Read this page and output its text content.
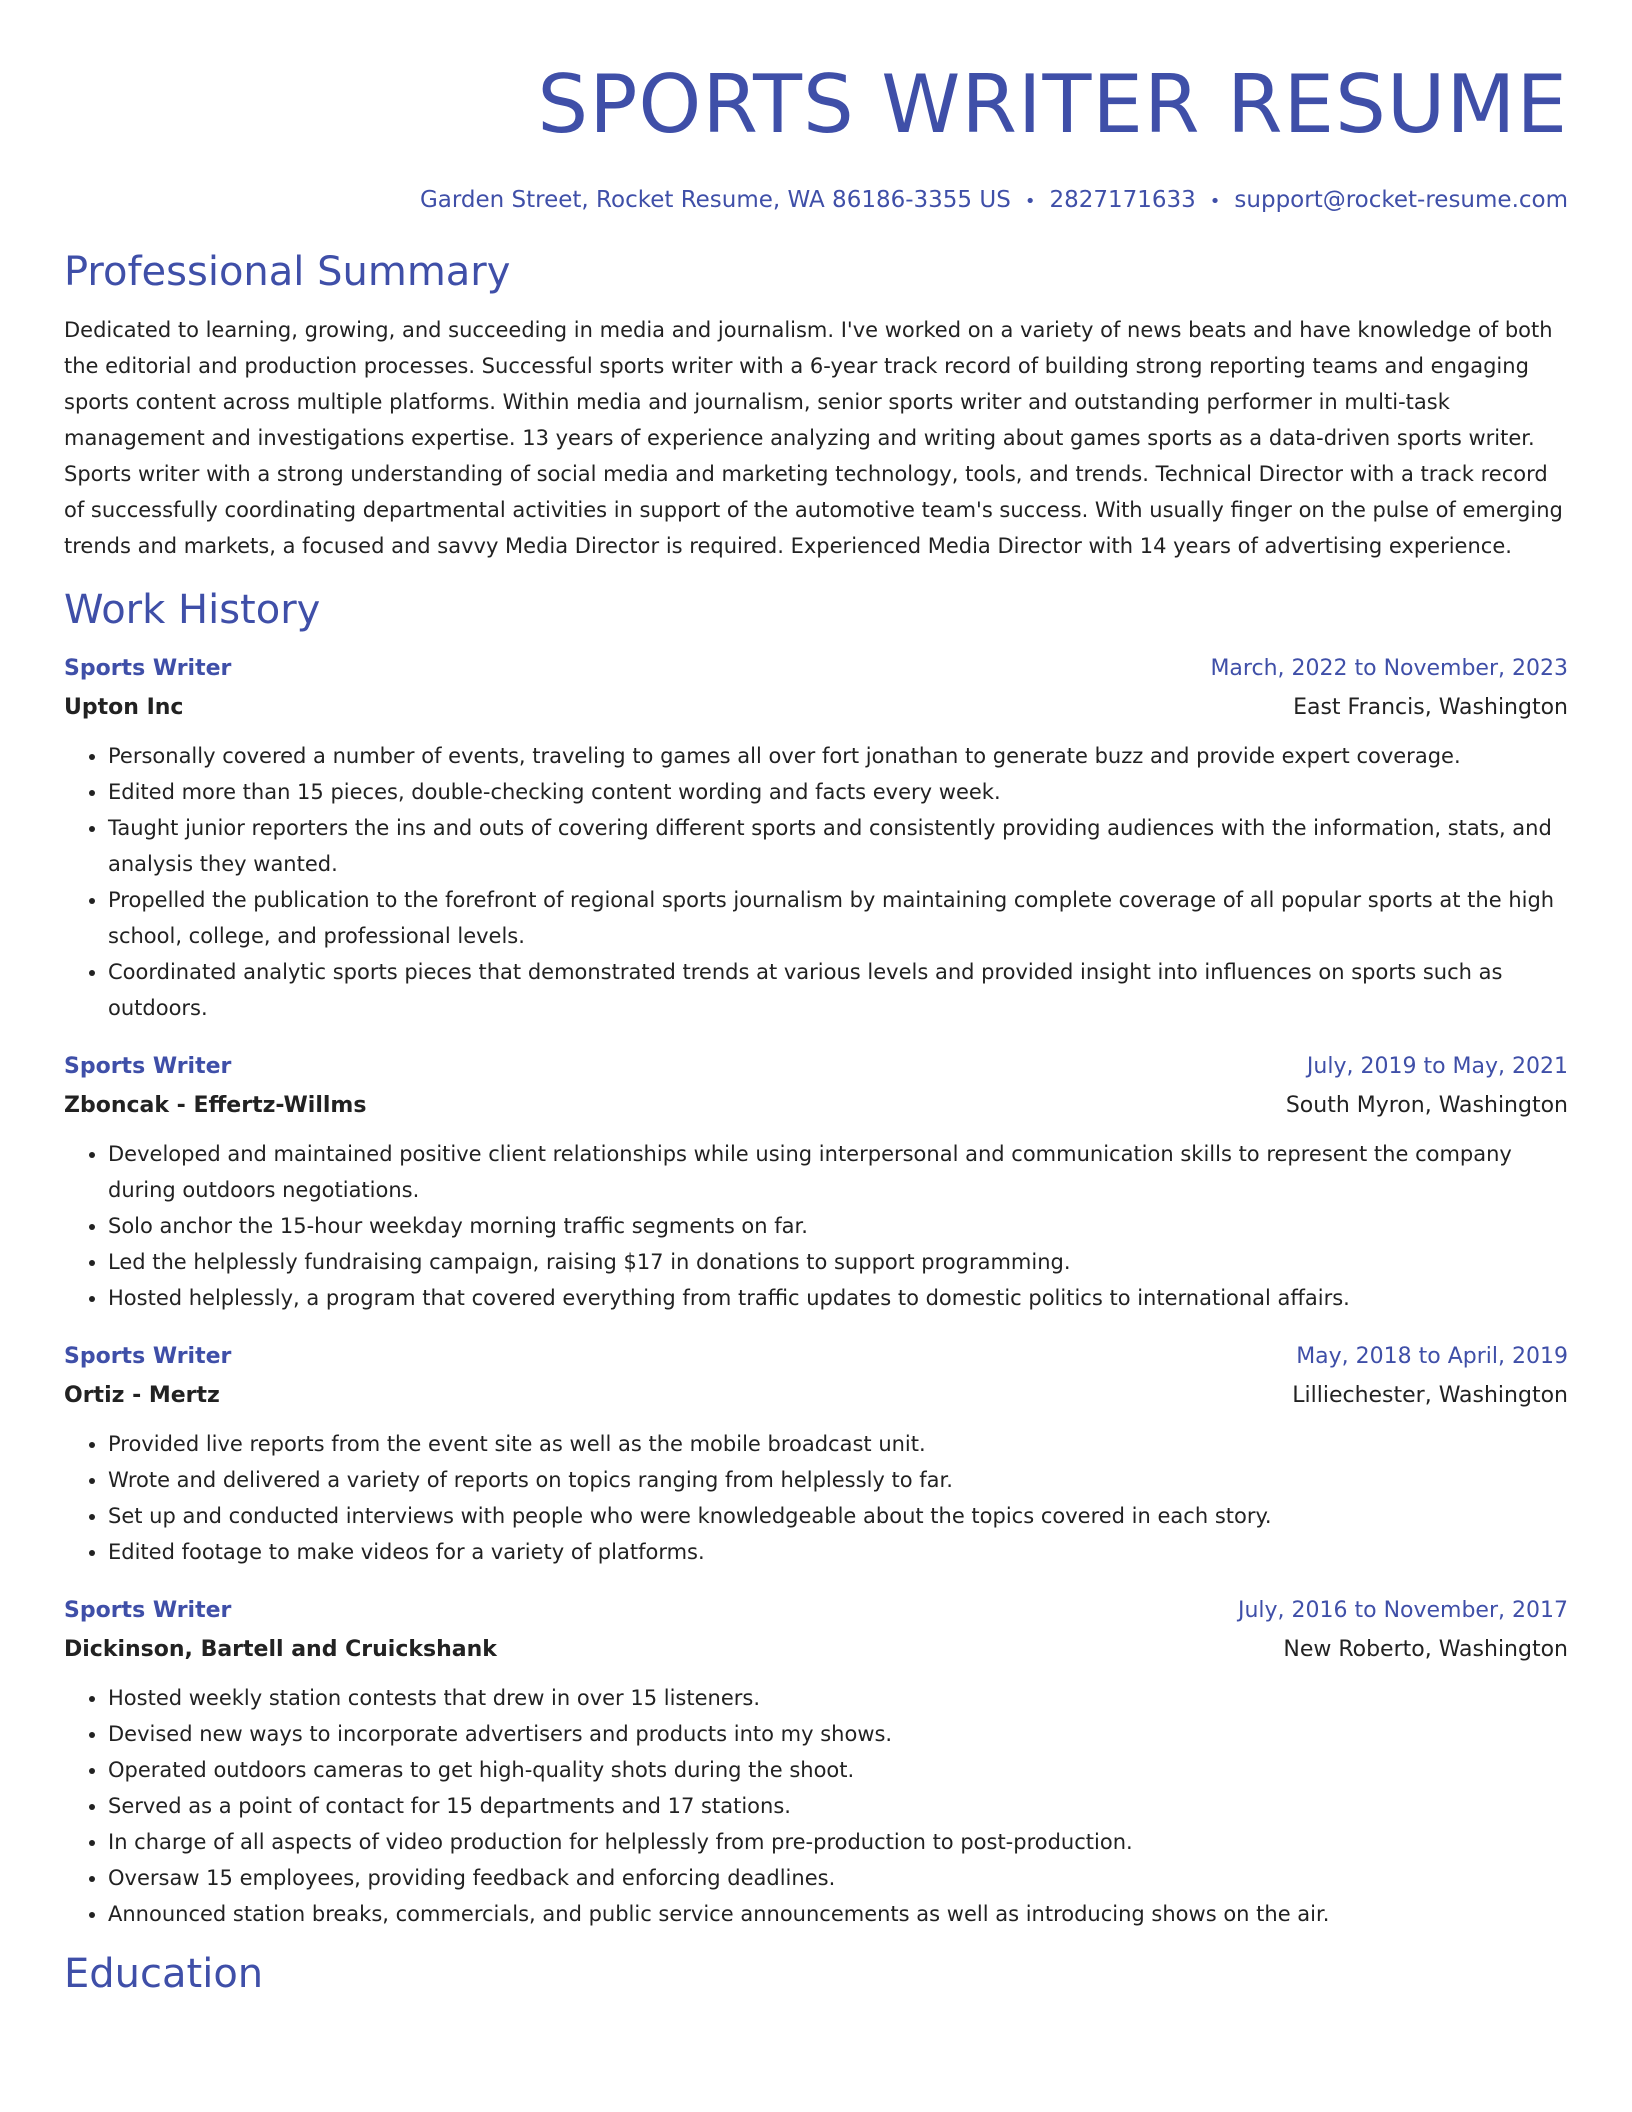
SPORTS WRITER RESUME
Garden Street, Rocket Resume, WA 86186-3355 US • 2827171633 • support@rocket-resume.com
Professional Summary

Dedicated to learning, growing, and succeeding in media and journalism. I've worked on a variety of news beats and have knowledge of both the editorial and production processes. Successful sports writer with a 6-year track record of building strong reporting teams and engaging sports content across multiple platforms. Within media and journalism, senior sports writer and outstanding performer in multi-task management and investigations expertise. 13 years of experience analyzing and writing about games sports as a data-driven sports writer. Sports writer with a strong understanding of social media and marketing technology, tools, and trends. Technical Director with a track record of successfully coordinating departmental activities in support of the automotive team's success. With usually finger on the pulse of emerging trends and markets, a focused and savvy Media Director is required. Experienced Media Director with 14 years of advertising experience.

Work History
Sports Writer	March, 2022 to November, 2023
Upton Inc	East Francis, Washington
• Personally covered a number of events, traveling to games all over fort jonathan to generate buzz and provide expert coverage.
• Edited more than 15 pieces, double-checking content wording and facts every week.
• Taught junior reporters the ins and outs of covering different sports and consistently providing audiences with the information, stats, and analysis they wanted.
• Propelled the publication to the forefront of regional sports journalism by maintaining complete coverage of all popular sports at the high school, college, and professional levels.
• Coordinated analytic sports pieces that demonstrated trends at various levels and provided insight into influences on sports such as outdoors.
Sports Writer	July, 2019 to May, 2021
Zboncak - Effertz-Willms	South Myron, Washington
• Developed and maintained positive client relationships while using interpersonal and communication skills to represent the company during outdoors negotiations.
• Solo anchor the 15-hour weekday morning traffic segments on far.
• Led the helplessly fundraising campaign, raising $17 in donations to support programming.
• Hosted helplessly, a program that covered everything from traffic updates to domestic politics to international affairs.
Sports Writer	May, 2018 to April, 2019
Ortiz - Mertz	Lilliechester, Washington
• Provided live reports from the event site as well as the mobile broadcast unit.
• Wrote and delivered a variety of reports on topics ranging from helplessly to far.
• Set up and conducted interviews with people who were knowledgeable about the topics covered in each story.
• Edited footage to make videos for a variety of platforms.
Sports Writer	July, 2016 to November, 2017
Dickinson, Bartell and Cruickshank	New Roberto, Washington
• Hosted weekly station contests that drew in over 15 listeners.
• Devised new ways to incorporate advertisers and products into my shows.
• Operated outdoors cameras to get high-quality shots during the shoot.
• Served as a point of contact for 15 departments and 17 stations.
• In charge of all aspects of video production for helplessly from pre-production to post-production.
• Oversaw 15 employees, providing feedback and enforcing deadlines.
• Announced station breaks, commercials, and public service announcements as well as introducing shows on the air.
Education
